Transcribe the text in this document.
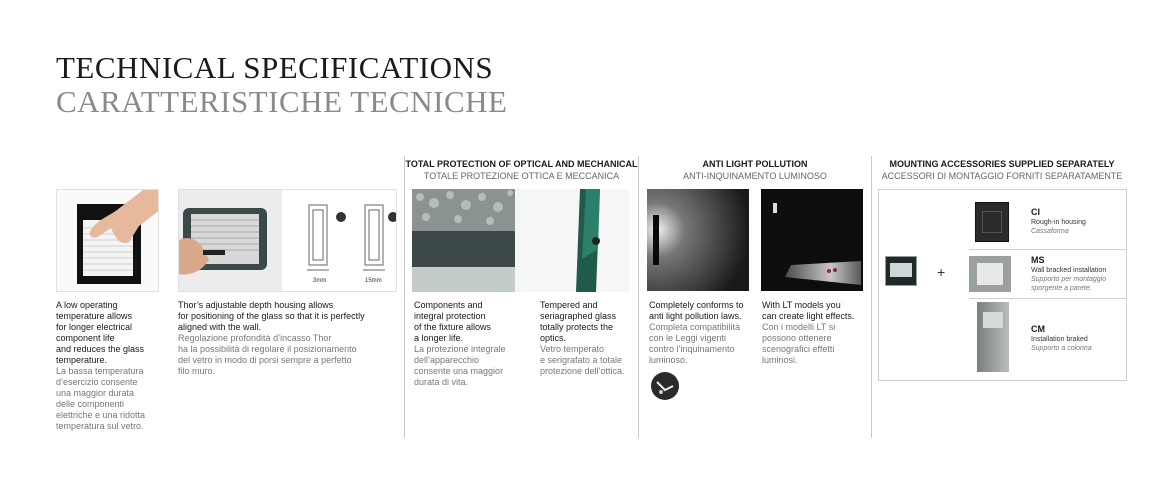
TECHNICAL SPECIFICATIONS
CARATTERISTICHE TECNICHE
TOTAL PROTECTION OF OPTICAL AND MECHANICAL
TOTALE PROTEZIONE OTTICA E MECCANICA
ANTI LIGHT POLLUTION
ANTI-INQUINAMENTO LUMINOSO
MOUNTING ACCESSORIES SUPPLIED SEPARATELY
ACCESSORI DI MONTAGGIO FORNITI SEPARATAMENTE
3mm	15mm
A low operating
temperature allows
for longer electrical
component life
and reduces the glass
temperature.
La bassa temperatura
d’esercizio consente
una maggior durata
delle componenti
elettriche e una ridotta
temperatura sul vetro.
Thor’s adjustable depth housing allows
for positioning of the glass so that it is perfectly
aligned with the wall.
Regolazione profondità d’incasso Thor
ha la possibilità di regolare il posizionamento
del vetro in modo di porsi sempre a perfetto
filo muro.
Components and
integral protection
of the fixture allows
a longer life.
La protezione integrale
dell’apparecchio
consente una maggior
durata di vita.
Tempered and
seriagraphed glass
totally protects the
optics.
Vetro temperato
e serigrafato a totale
protezione dell’ottica.
Completely conforms to
anti light pollution laws.
Completa compatibilità
con le Leggi vigenti
contro l’inquinamento
luminoso.
With LT models you
can create light effects.
Con i modelli LT si
possono ottenere
scenografici effetti
luminosi.
+
CI
Rough-in housing
Cassaforma
MS
Wall bracked installation
Supporto per montaggio
sporgente a parete.
CM
Installation braked
Supporto a colonna
